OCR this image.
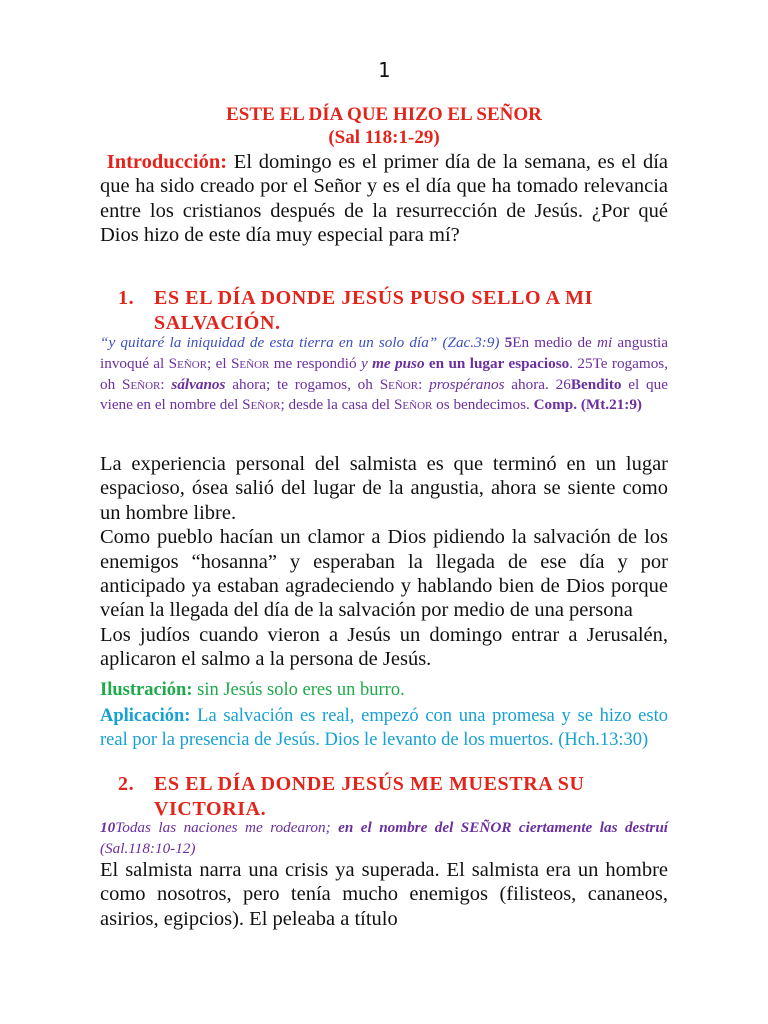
1
ESTE EL DÍA QUE HIZO EL SEÑOR
(Sal 118:1-29)
Introducción: El domingo es el primer día de la semana, es el día que ha sido creado por el Señor y es el día que ha tomado relevancia entre los cristianos después de la resurrección de Jesús. ¿Por qué Dios hizo de este día muy especial para mí?
1. ES EL DÍA DONDE JESÚS PUSO SELLO A MI
SALVACIÓN.
“y quitaré la iniquidad de esta tierra en un solo día” (Zac.3:9) 5En medio de mi angustia invoqué al Señor; el Señor me respondió y me puso en un lugar espacioso. 25Te rogamos, oh Señor: sálvanos ahora; te rogamos, oh Señor: prospéranos ahora. 26Bendito el que viene en el nombre del Señor; desde la casa del Señor os bendecimos. Comp. (Mt.21:9)
La experiencia personal del salmista es que terminó en un lugar espacioso, ósea salió del lugar de la angustia, ahora se siente como un hombre libre.
Como pueblo hacían un clamor a Dios pidiendo la salvación de los enemigos “hosanna” y esperaban la llegada de ese día y por anticipado ya estaban agradeciendo y hablando bien de Dios porque veían la llegada del día de la salvación por medio de una persona
Los judíos cuando vieron a Jesús un domingo entrar a Jerusalén, aplicaron el salmo a la persona de Jesús.
Ilustración: sin Jesús solo eres un burro.
Aplicación: La salvación es real, empezó con una promesa y se hizo esto real por la presencia de Jesús. Dios le levanto de los muertos. (Hch.13:30)
2. ES EL DÍA DONDE JESÚS ME MUESTRA SU
VICTORIA.
10Todas las naciones me rodearon; en el nombre del SEÑOR ciertamente las destruí (Sal.118:10-12)
El salmista narra una crisis ya superada. El salmista era un hombre como nosotros, pero tenía mucho enemigos (filisteos, cananeos, asirios, egipcios). El peleaba a título
